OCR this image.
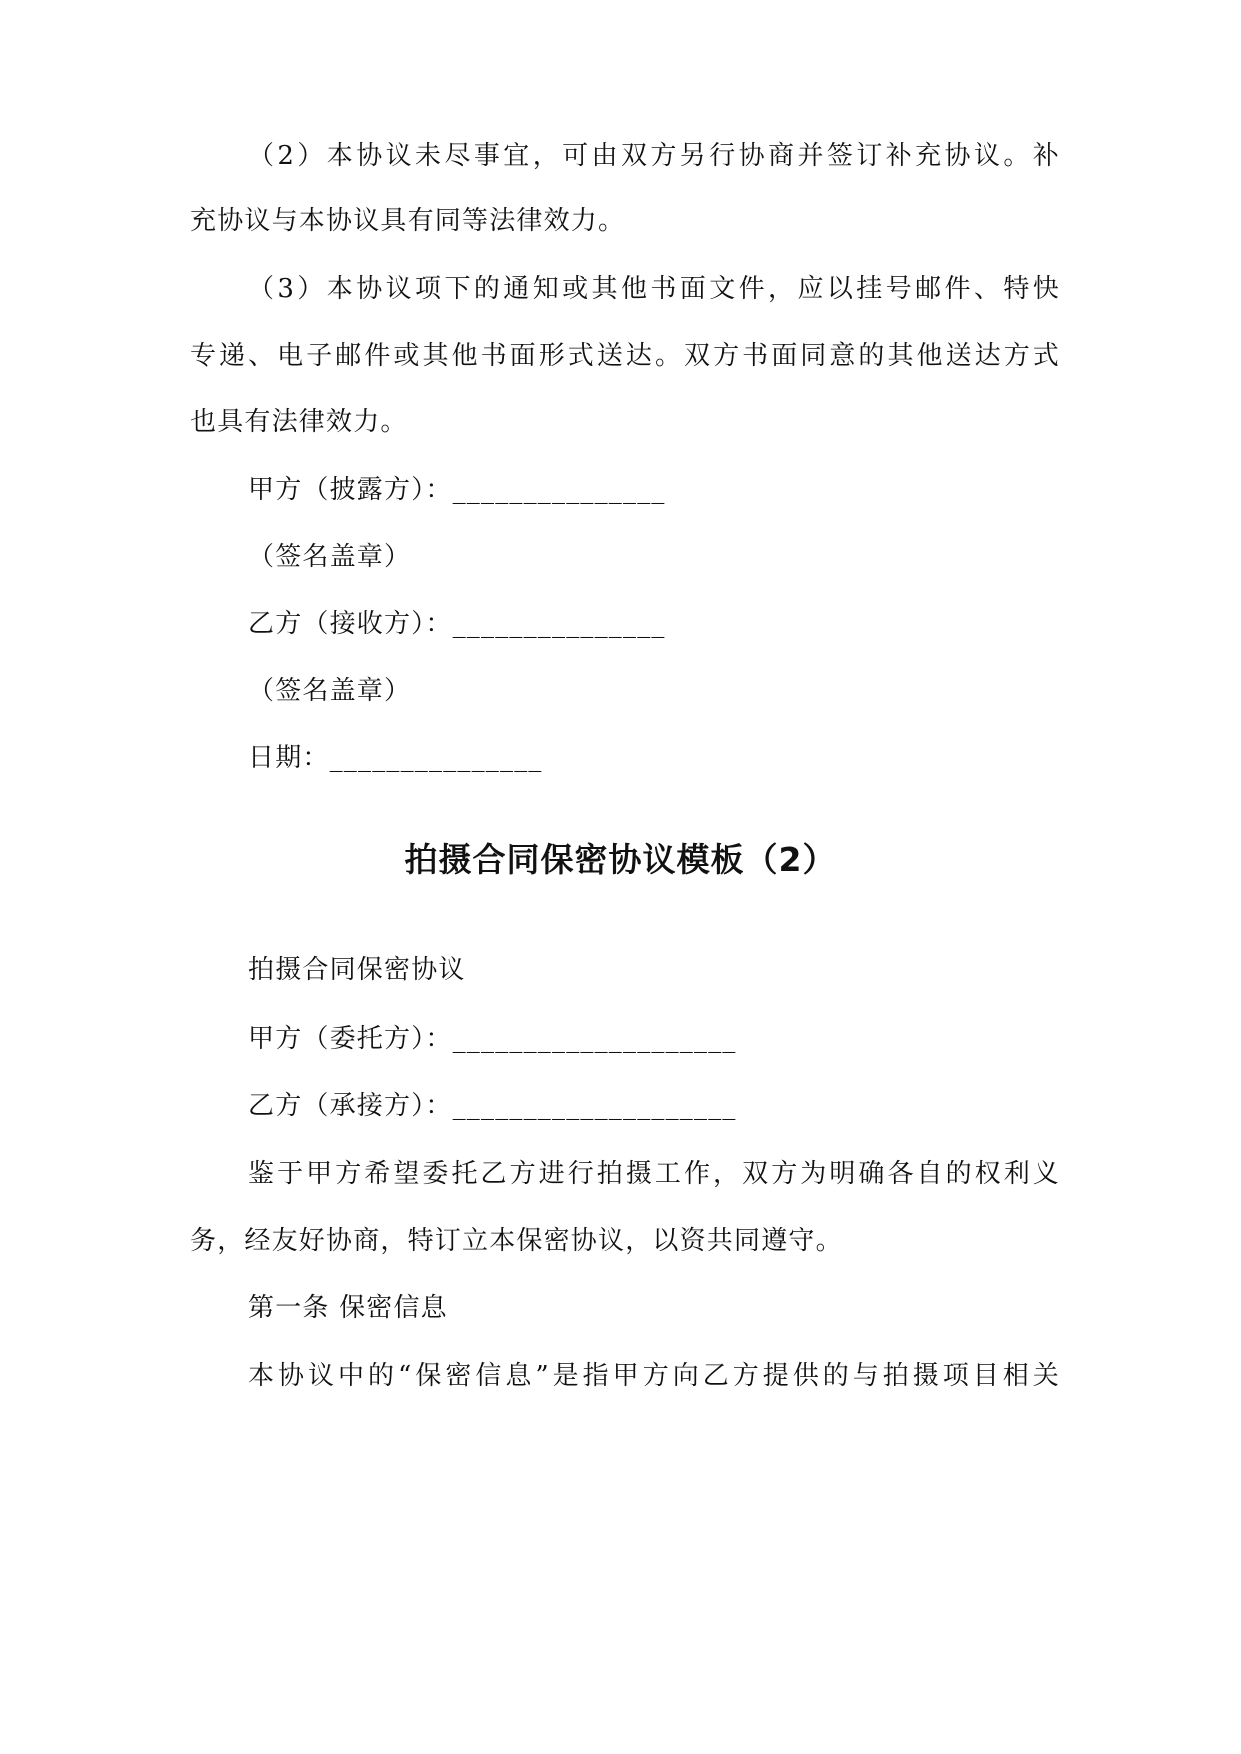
（2）本协议未尽事宜，可由双方另行协商并签订补充协议。补
充协议与本协议具有同等法律效力。
（3）本协议项下的通知或其他书面文件，应以挂号邮件、特快
专递、电子邮件或其他书面形式送达。双方书面同意的其他送达方式
也具有法律效力。
甲方（披露方）：_______________
（签名盖章）
乙方（接收方）：_______________
（签名盖章）
日期：_______________
拍摄合同保密协议模板（2）
拍摄合同保密协议
甲方（委托方）：____________________
乙方（承接方）：____________________
鉴于甲方希望委托乙方进行拍摄工作，双方为明确各自的权利义
务，经友好协商，特订立本保密协议，以资共同遵守。
第一条 保密信息
本协议中的“保密信息”是指甲方向乙方提供的与拍摄项目相关
